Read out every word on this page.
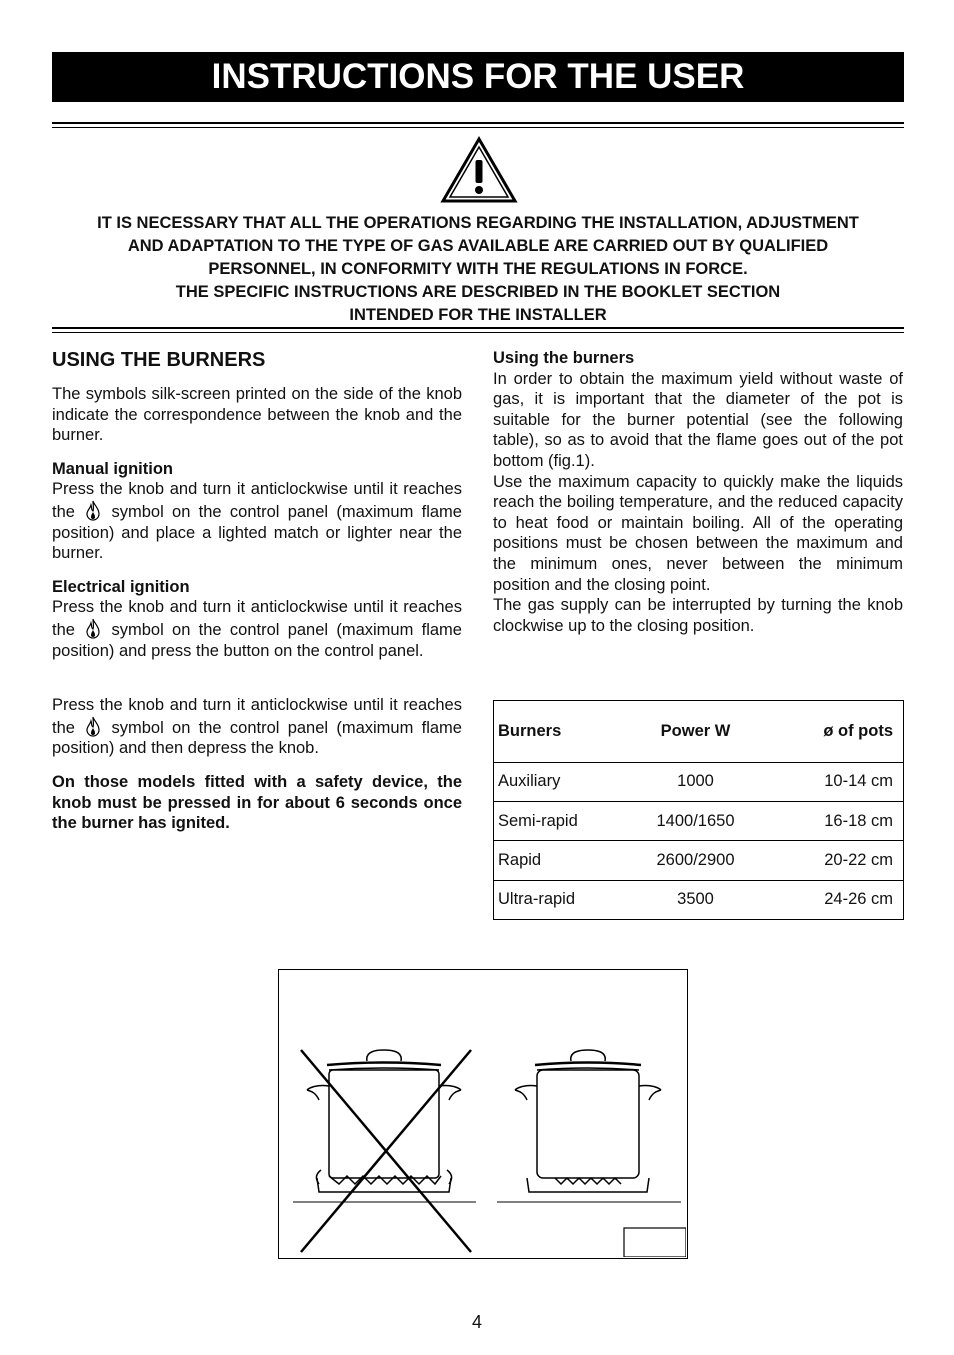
INSTRUCTIONS FOR THE USER
IT IS NECESSARY THAT ALL THE OPERATIONS REGARDING THE INSTALLATION, ADJUSTMENT
AND ADAPTATION TO THE TYPE OF GAS AVAILABLE ARE CARRIED OUT BY QUALIFIED
PERSONNEL, IN CONFORMITY WITH THE REGULATIONS IN FORCE.
THE SPECIFIC INSTRUCTIONS ARE DESCRIBED IN THE BOOKLET SECTION
INTENDED FOR THE INSTALLER
USING THE BURNERS

The symbols silk-screen printed on the side of the knob indicate the correspondence between the knob and the burner.

Manual ignition

Press the knob and turn it anticlockwise until it reaches the symbol on the control panel (maximum flame position) and place a lighted match or lighter near the burner.

Electrical ignition

Press the knob and turn it anticlockwise until it reaches the symbol on the control panel (maximum flame position) and press the button on the control panel.

Press the knob and turn it anticlockwise until it reaches the symbol on the control panel (maximum flame position) and then depress the knob.

On those models fitted with a safety device, the knob must be pressed in for about 6 seconds once the burner has ignited.

Using the burners

In order to obtain the maximum yield without waste of gas, it is important that the diameter of the pot is suitable for the burner potential (see the following table), so as to avoid that the flame goes out of the pot bottom (fig.1).

Use the maximum capacity to quickly make the liquids reach the boiling temperature, and the reduced capacity to heat food or maintain boiling. All of the operating positions must be chosen between the maximum and the minimum ones, never between the minimum position and the closing point.

The gas supply can be interrupted by turning the knob clockwise up to the closing position.

Burners	Power W	ø of pots
Auxiliary	1000	10-14 cm
Semi-rapid	1400/1650	16-18 cm
Rapid	2600/2900	20-22 cm
Ultra-rapid	3500	24-26 cm
4
